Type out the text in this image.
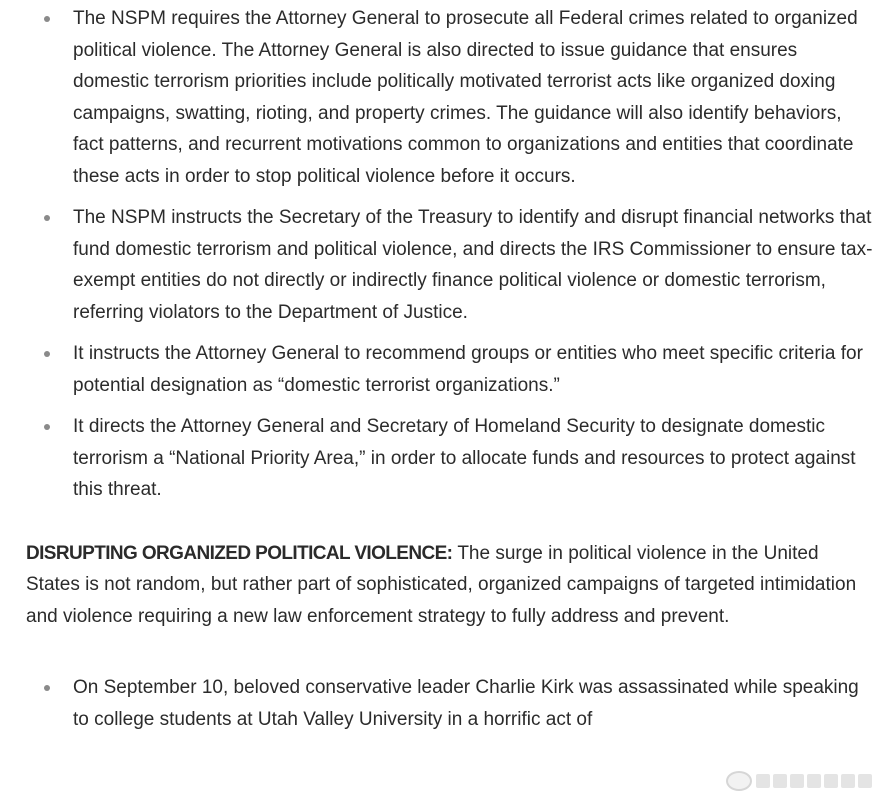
The NSPM requires the Attorney General to prosecute all Federal crimes related to organized political violence. The Attorney General is also directed to issue guidance that ensures domestic terrorism priorities include politically motivated terrorist acts like organized doxing campaigns, swatting, rioting, and property crimes. The guidance will also identify behaviors, fact patterns, and recurrent motivations common to organizations and entities that coordinate these acts in order to stop political violence before it occurs.
The NSPM instructs the Secretary of the Treasury to identify and disrupt financial networks that fund domestic terrorism and political violence, and directs the IRS Commissioner to ensure tax-exempt entities do not directly or indirectly finance political violence or domestic terrorism, referring violators to the Department of Justice.
It instructs the Attorney General to recommend groups or entities who meet specific criteria for potential designation as “domestic terrorist organizations.”
It directs the Attorney General and Secretary of Homeland Security to designate domestic terrorism a “National Priority Area,” in order to allocate funds and resources to protect against this threat.

DISRUPTING ORGANIZED POLITICAL VIOLENCE: The surge in political violence in the United States is not random, but rather part of sophisticated, organized campaigns of targeted intimidation and violence requiring a new law enforcement strategy to fully address and prevent.

On September 10, beloved conservative leader Charlie Kirk was assassinated while speaking to college students at Utah Valley University in a horrific act of
